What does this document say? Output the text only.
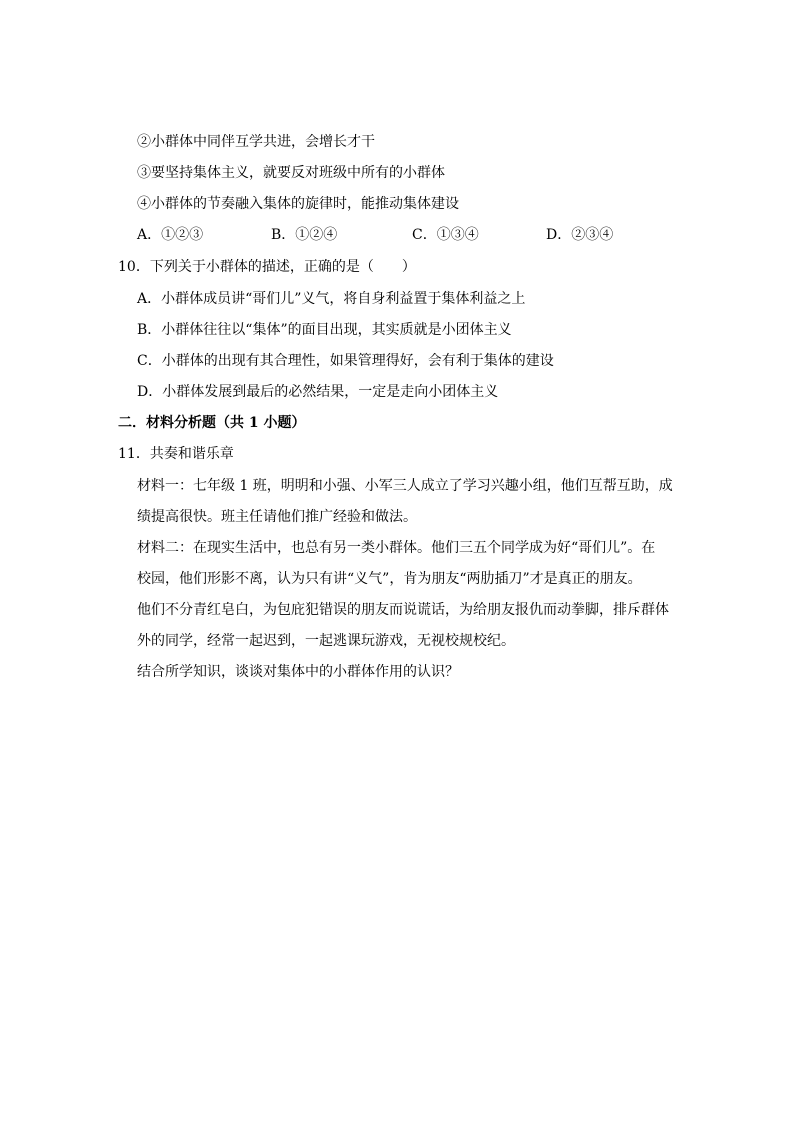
②小群体中同伴互学共进，会增长才干
③要坚持集体主义，就要反对班级中所有的小群体
④小群体的节奏融入集体的旋律时，能推动集体建设
A．①②③	B．①②④	C．①③④	D．②③④
10．下列关于小群体的描述，正确的是（　　）
A．小群体成员讲“哥们儿”义气，将自身利益置于集体利益之上
B．小群体往往以“集体”的面目出现，其实质就是小团体主义
C．小群体的出现有其合理性，如果管理得好，会有利于集体的建设
D．小群体发展到最后的必然结果，一定是走向小团体主义
二．材料分析题（共 1 小题）
11．共奏和谐乐章
材料一：七年级 1 班，明明和小强、小军三人成立了学习兴趣小组，他们互帮互助，成
绩提高很快。班主任请他们推广经验和做法。
材料二：在现实生活中，也总有另一类小群体。他们三五个同学成为好“哥们儿”。在
校园，他们形影不离，认为只有讲“义气”，肯为朋友“两肋插刀”才是真正的朋友。
他们不分青红皂白，为包庇犯错误的朋友而说谎话，为给朋友报仇而动拳脚，排斥群体
外的同学，经常一起迟到，一起逃课玩游戏，无视校规校纪。
结合所学知识，谈谈对集体中的小群体作用的认识？
